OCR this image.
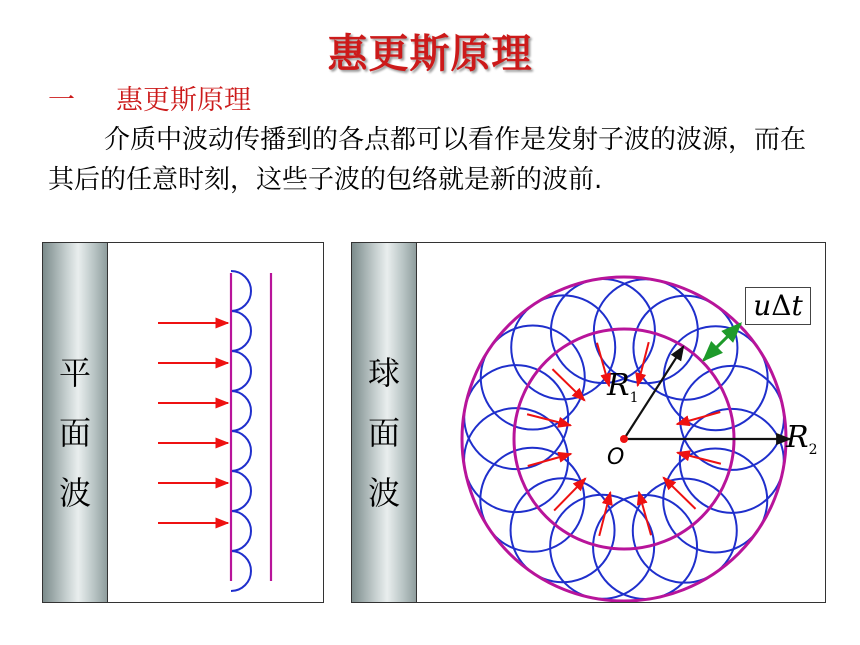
惠更斯原理
一 惠更斯原理
介质中波动传播到的各点都可以看作是发射子波的波源，而在其后的任意时刻，这些子波的包络就是新的波前.
平
面
波
球
面
波
uΔt
$R_1$
$R_2$
O
